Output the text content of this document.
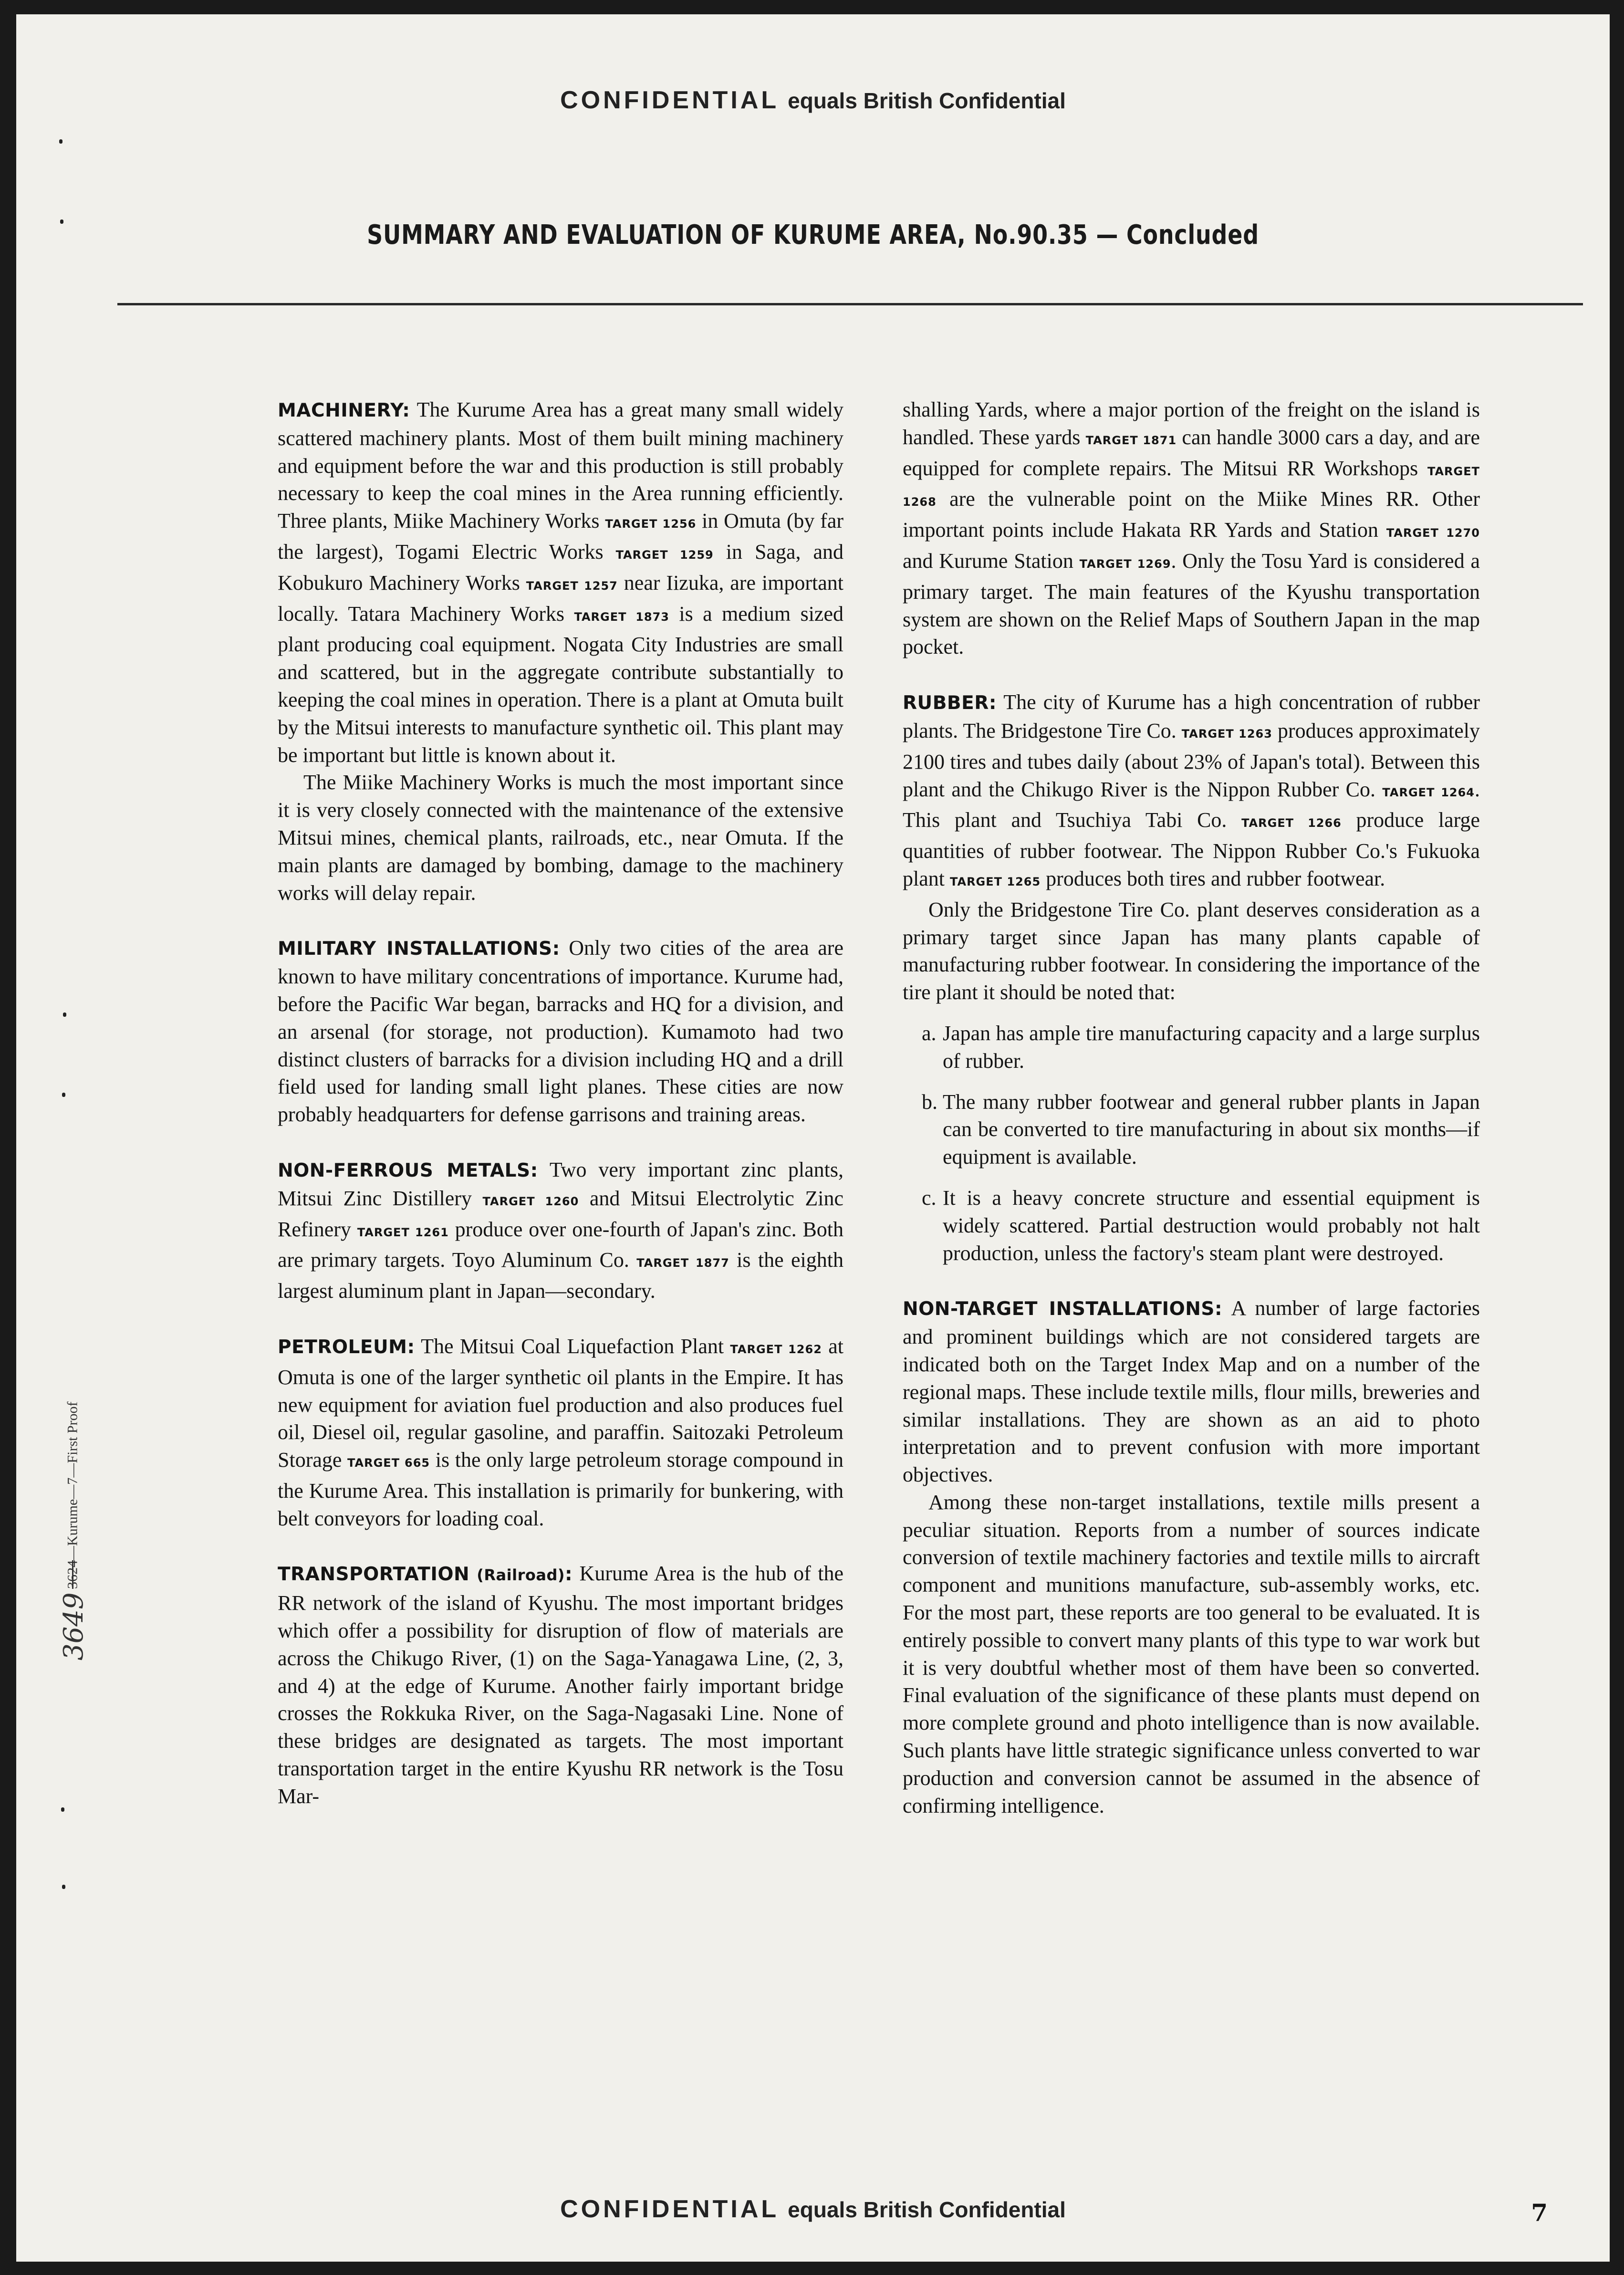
CONFIDENTIAL equals British Confidential
SUMMARY AND EVALUATION OF KURUME AREA, No.90.35 — Concluded

MACHINERY: The Kurume Area has a great many small widely scattered machinery plants. Most of them built mining machinery and equipment before the war and this production is still probably necessary to keep the coal mines in the Area running efficiently. Three plants, Miike Machinery Works TARGET 1256 in Omuta (by far the largest), Togami Electric Works TARGET 1259 in Saga, and Kobukuro Machinery Works TARGET 1257 near Iizuka, are important locally. Tatara Machinery Works TARGET 1873 is a medium sized plant producing coal equipment. Nogata City Industries are small and scattered, but in the aggregate contribute substantially to keeping the coal mines in operation. There is a plant at Omuta built by the Mitsui interests to manufacture synthetic oil. This plant may be important but little is known about it.

The Miike Machinery Works is much the most important since it is very closely connected with the maintenance of the extensive Mitsui mines, chemical plants, railroads, etc., near Omuta. If the main plants are damaged by bombing, damage to the machinery works will delay repair.

MILITARY INSTALLATIONS: Only two cities of the area are known to have military concentrations of importance. Kurume had, before the Pacific War began, barracks and HQ for a division, and an arsenal (for storage, not production). Kumamoto had two distinct clusters of barracks for a division including HQ and a drill field used for landing small light planes. These cities are now probably headquarters for defense garrisons and training areas.

NON-FERROUS METALS: Two very important zinc plants, Mitsui Zinc Distillery TARGET 1260 and Mitsui Electrolytic Zinc Refinery TARGET 1261 produce over one-fourth of Japan's zinc. Both are primary targets. Toyo Aluminum Co. TARGET 1877 is the eighth largest aluminum plant in Japan—secondary.

PETROLEUM: The Mitsui Coal Liquefaction Plant TARGET 1262 at Omuta is one of the larger synthetic oil plants in the Empire. It has new equipment for aviation fuel production and also produces fuel oil, Diesel oil, regular gasoline, and paraffin. Saitozaki Petroleum Storage TARGET 665 is the only large petroleum storage compound in the Kurume Area. This installation is primarily for bunkering, with belt conveyors for loading coal.

TRANSPORTATION (Railroad): Kurume Area is the hub of the RR network of the island of Kyushu. The most important bridges which offer a possibility for disruption of flow of materials are across the Chikugo River, (1) on the Saga-Yanagawa Line, (2, 3, and 4) at the edge of Kurume. Another fairly important bridge crosses the Rokkuka River, on the Saga-Nagasaki Line. None of these bridges are designated as targets. The most important transportation target in the entire Kyushu RR network is the Tosu Mar-

shalling Yards, where a major portion of the freight on the island is handled. These yards TARGET 1871 can handle 3000 cars a day, and are equipped for complete repairs. The Mitsui RR Workshops TARGET 1268 are the vulnerable point on the Miike Mines RR. Other important points include Hakata RR Yards and Station TARGET 1270 and Kurume Station TARGET 1269. Only the Tosu Yard is considered a primary target. The main features of the Kyushu transportation system are shown on the Relief Maps of Southern Japan in the map pocket.

RUBBER: The city of Kurume has a high concentration of rubber plants. The Bridgestone Tire Co. TARGET 1263 produces approximately 2100 tires and tubes daily (about 23% of Japan's total). Between this plant and the Chikugo River is the Nippon Rubber Co. TARGET 1264. This plant and Tsuchiya Tabi Co. TARGET 1266 produce large quantities of rubber footwear. The Nippon Rubber Co.'s Fukuoka plant TARGET 1265 produces both tires and rubber footwear.

Only the Bridgestone Tire Co. plant deserves consideration as a primary target since Japan has many plants capable of manufacturing rubber footwear. In considering the importance of the tire plant it should be noted that:

a. Japan has ample tire manufacturing capacity and a large surplus of rubber.
b. The many rubber footwear and general rubber plants in Japan can be converted to tire manufacturing in about six months—if equipment is available.
c. It is a heavy concrete structure and essential equipment is widely scattered. Partial destruction would probably not halt production, unless the factory's steam plant were destroyed.

NON-TARGET INSTALLATIONS: A number of large factories and prominent buildings which are not considered targets are indicated both on the Target Index Map and on a number of the regional maps. These include textile mills, flour mills, breweries and similar installations. They are shown as an aid to photo interpretation and to prevent confusion with more important objectives.

Among these non-target installations, textile mills present a peculiar situation. Reports from a number of sources indicate conversion of textile machinery factories and textile mills to aircraft component and munitions manufacture, sub-assembly works, etc. For the most part, these reports are too general to be evaluated. It is entirely possible to convert many plants of this type to war work but it is very doubtful whether most of them have been so converted. Final evaluation of the significance of these plants must depend on more complete ground and photo intelligence than is now available. Such plants have little strategic significance unless converted to war production and conversion cannot be assumed in the absence of confirming intelligence.

3649 3624—Kurume—7—First Proof
CONFIDENTIAL equals British Confidential	7
